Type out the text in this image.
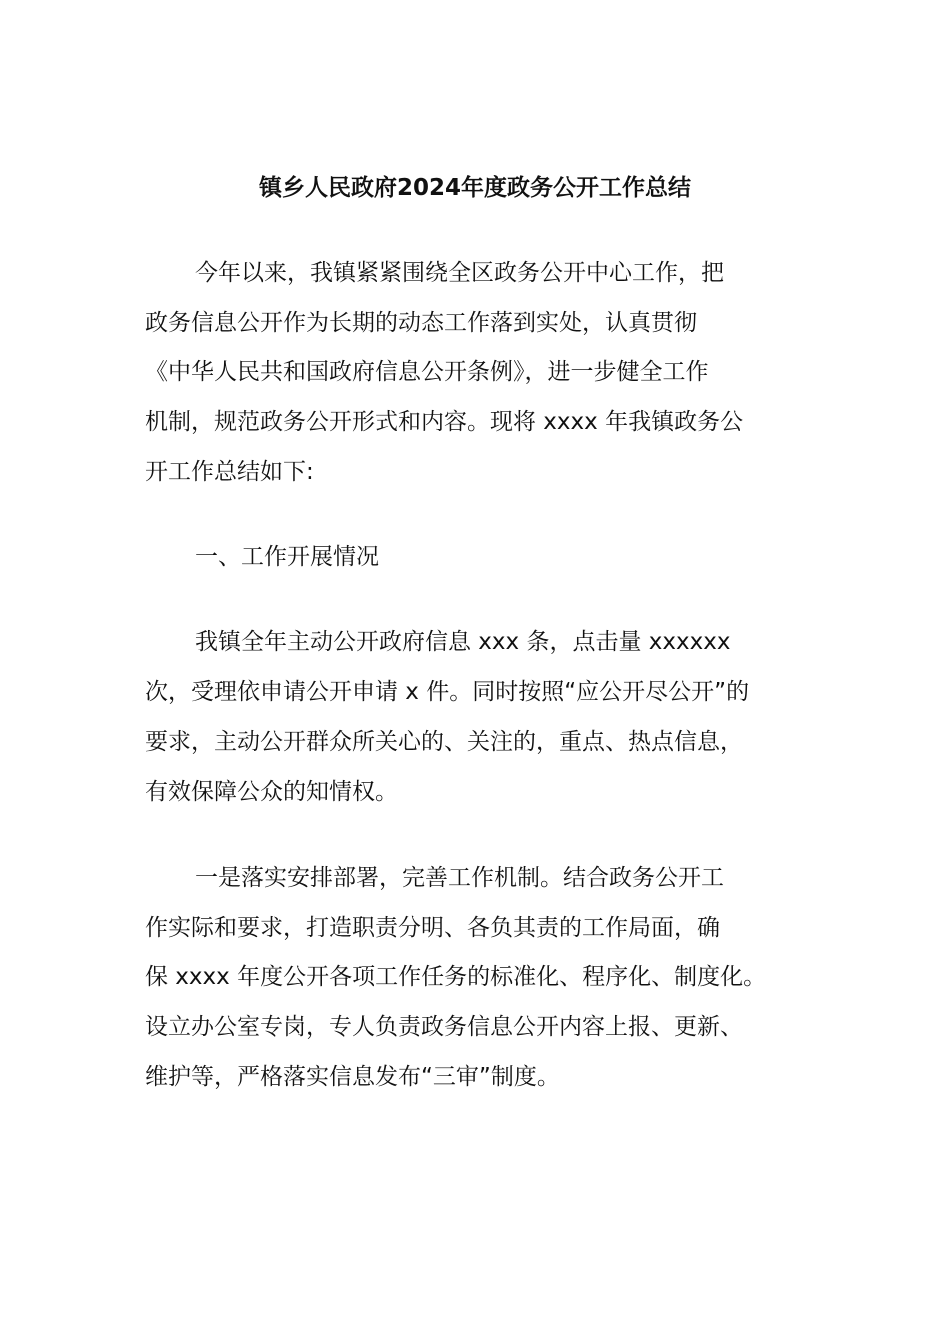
镇乡人民政府2024年度政务公开工作总结

今年以来，我镇紧紧围绕全区政务公开中心工作，把

政务信息公开作为长期的动态工作落到实处，认真贯彻

《中华人民共和国政府信息公开条例》，进一步健全工作

机制，规范政务公开形式和内容。现将 xxxx 年我镇政务公

开工作总结如下:

一、工作开展情况

我镇全年主动公开政府信息 xxx 条，点击量 xxxxxx

次，受理依申请公开申请 x 件。同时按照“应公开尽公开”的

要求，主动公开群众所关心的、关注的，重点、热点信息，

有效保障公众的知情权。

一是落实安排部署，完善工作机制。结合政务公开工

作实际和要求，打造职责分明、各负其责的工作局面，确

保 xxxx 年度公开各项工作任务的标准化、程序化、制度化。

设立办公室专岗，专人负责政务信息公开内容上报、更新、

维护等，严格落实信息发布“三审”制度。
